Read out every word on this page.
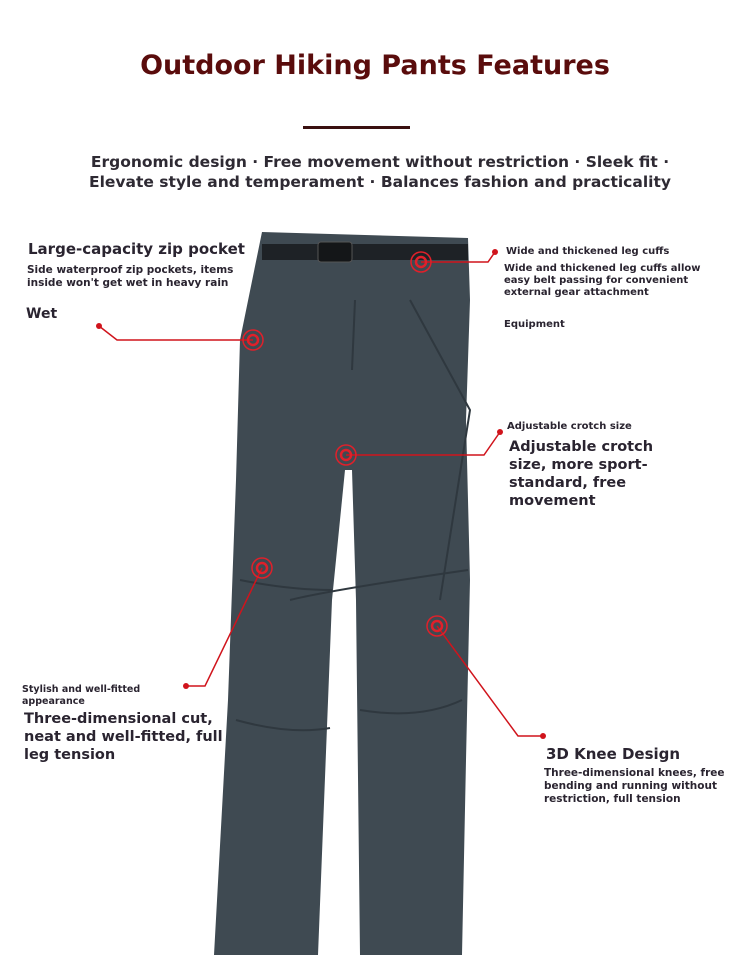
Outdoor Hiking Pants Features
Ergonomic design · Free movement without restriction · Sleek fit ·
Elevate style and temperament · Balances fashion and practicality
Large-capacity zip pocket
Side waterproof zip pockets, items inside won't get wet in heavy rain
Wet
Wide and thickened leg cuffs
Wide and thickened leg cuffs allow easy belt passing for convenient external gear attachment
Equipment
Adjustable crotch size
Adjustable crotch size, more sport-standard, free movement
Stylish and well-fitted appearance
Three-dimensional cut, neat and well-fitted, full leg tension	3D Knee Design
Three-dimensional knees, free bending and running without restriction, full tension
